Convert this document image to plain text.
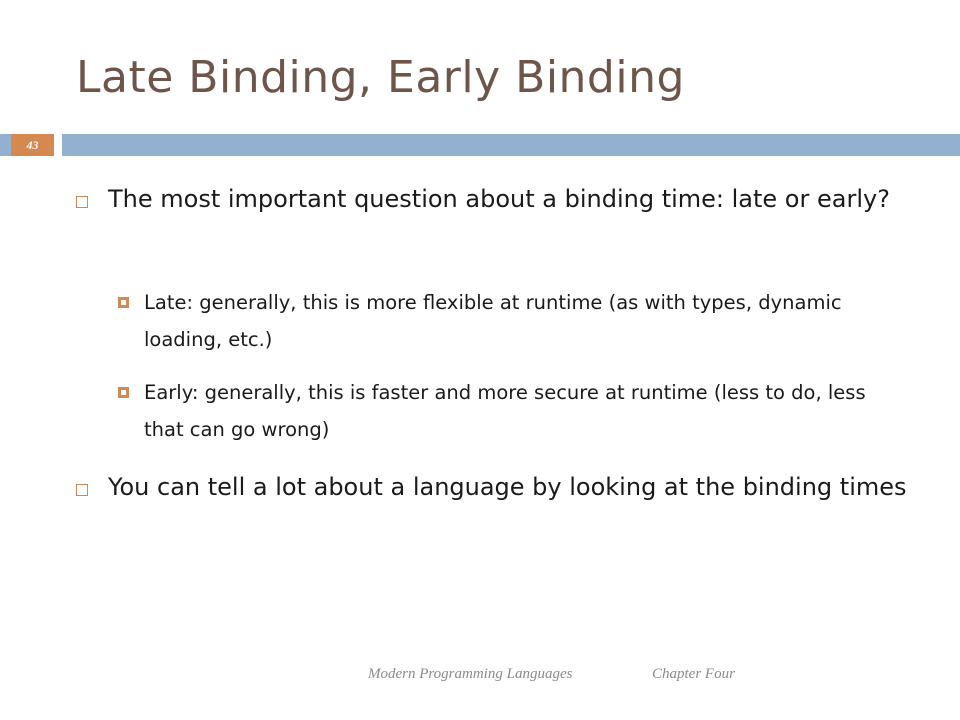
Late Binding, Early Binding
43
The most important question about a binding time: late or early?
Late: generally, this is more flexible at runtime (as with types, dynamic loading, etc.)
Early: generally, this is faster and more secure at runtime (less to do, less that can go wrong)
You can tell a lot about a language by looking at the binding times
Modern Programming Languages	Chapter Four
